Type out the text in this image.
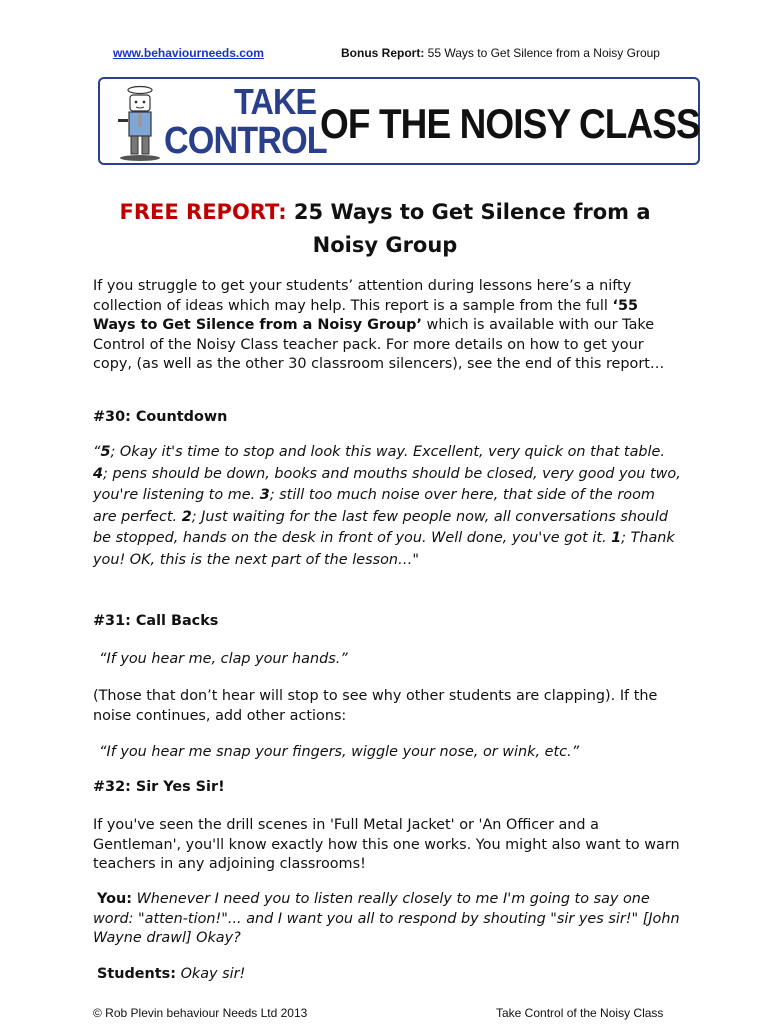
www.behaviourneeds.com	Bonus Report: 55 Ways to Get Silence from a Noisy Group
TAKE
CONTROL
OF THE NOISY CLASS
FREE REPORT: 25 Ways to Get Silence from a
Noisy Group
If you struggle to get your students’ attention during lessons here’s a nifty collection of ideas which may help. This report is a sample from the full ‘55 Ways to Get Silence from a Noisy Group’ which is available with our Take Control of the Noisy Class teacher pack. For more details on how to get your copy, (as well as the other 30 classroom silencers), see the end of this report…
#30: Countdown
“5; Okay it's time to stop and look this way. Excellent, very quick on that table. 4; pens should be down, books and mouths should be closed, very good you two, you're listening to me. 3; still too much noise over here, that side of the room are perfect. 2; Just waiting for the last few people now, all conversations should be stopped, hands on the desk in front of you. Well done, you've got it. 1; Thank you! OK, this is the next part of the lesson…"
#31: Call Backs
“If you hear me, clap your hands.”
(Those that don’t hear will stop to see why other students are clapping). If the noise continues, add other actions:
“If you hear me snap your fingers, wiggle your nose, or wink, etc.”
#32: Sir Yes Sir!
If you've seen the drill scenes in 'Full Metal Jacket' or 'An Officer and a Gentleman', you'll know exactly how this one works. You might also want to warn teachers in any adjoining classrooms!
You: Whenever I need you to listen really closely to me I'm going to say one word: "atten-tion!"... and I want you all to respond by shouting "sir yes sir!" [John Wayne drawl] Okay?
Students: Okay sir!
© Rob Plevin behaviour Needs Ltd 2013	Take Control of the Noisy Class
